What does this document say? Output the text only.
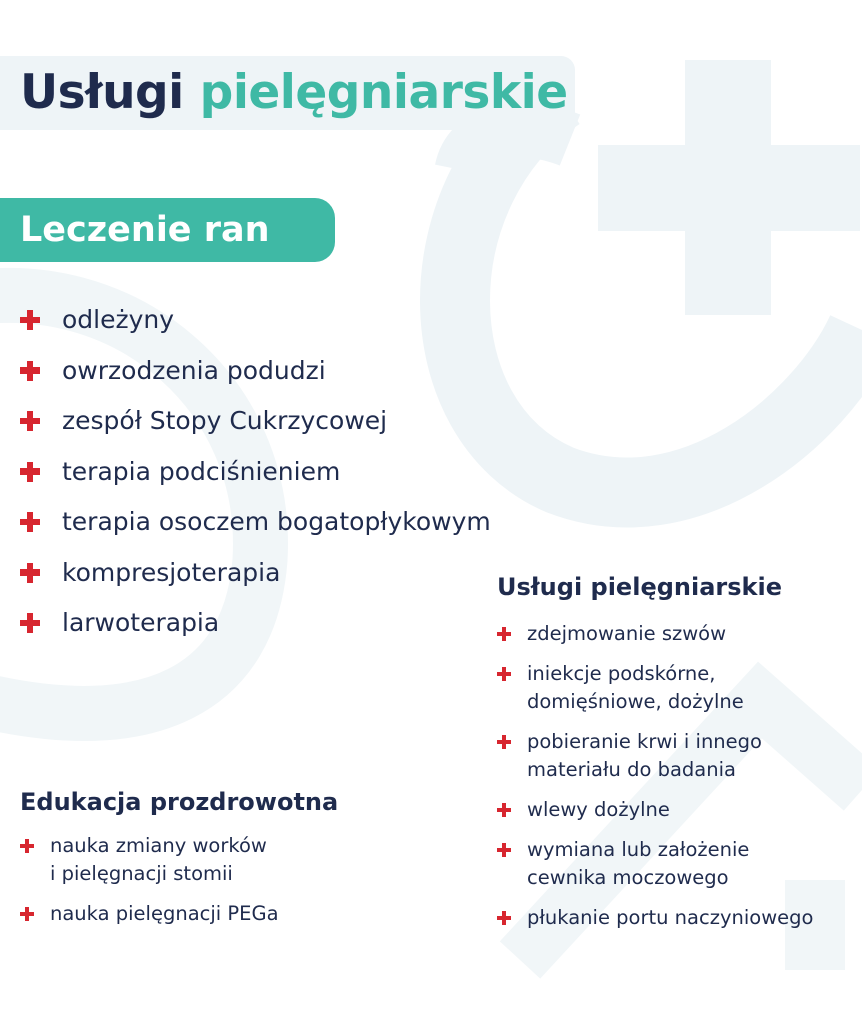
Usługi pielęgniarskie
Leczenie ran
odleżyny
owrzodzenia podudzi
zespół Stopy Cukrzycowej
terapia podciśnieniem
terapia osoczem bogatopłykowym
kompresjoterapia
larwoterapia
Usługi pielęgniarskie
zdejmowanie szwów
iniekcje podskórne,
domięśniowe, dożylne
pobieranie krwi i innego
materiału do badania
wlewy dożylne
wymiana lub założenie
cewnika moczowego
płukanie portu naczyniowego
Edukacja prozdrowotna
nauka zmiany worków
i pielęgnacji stomii
nauka pielęgnacji PEGa
